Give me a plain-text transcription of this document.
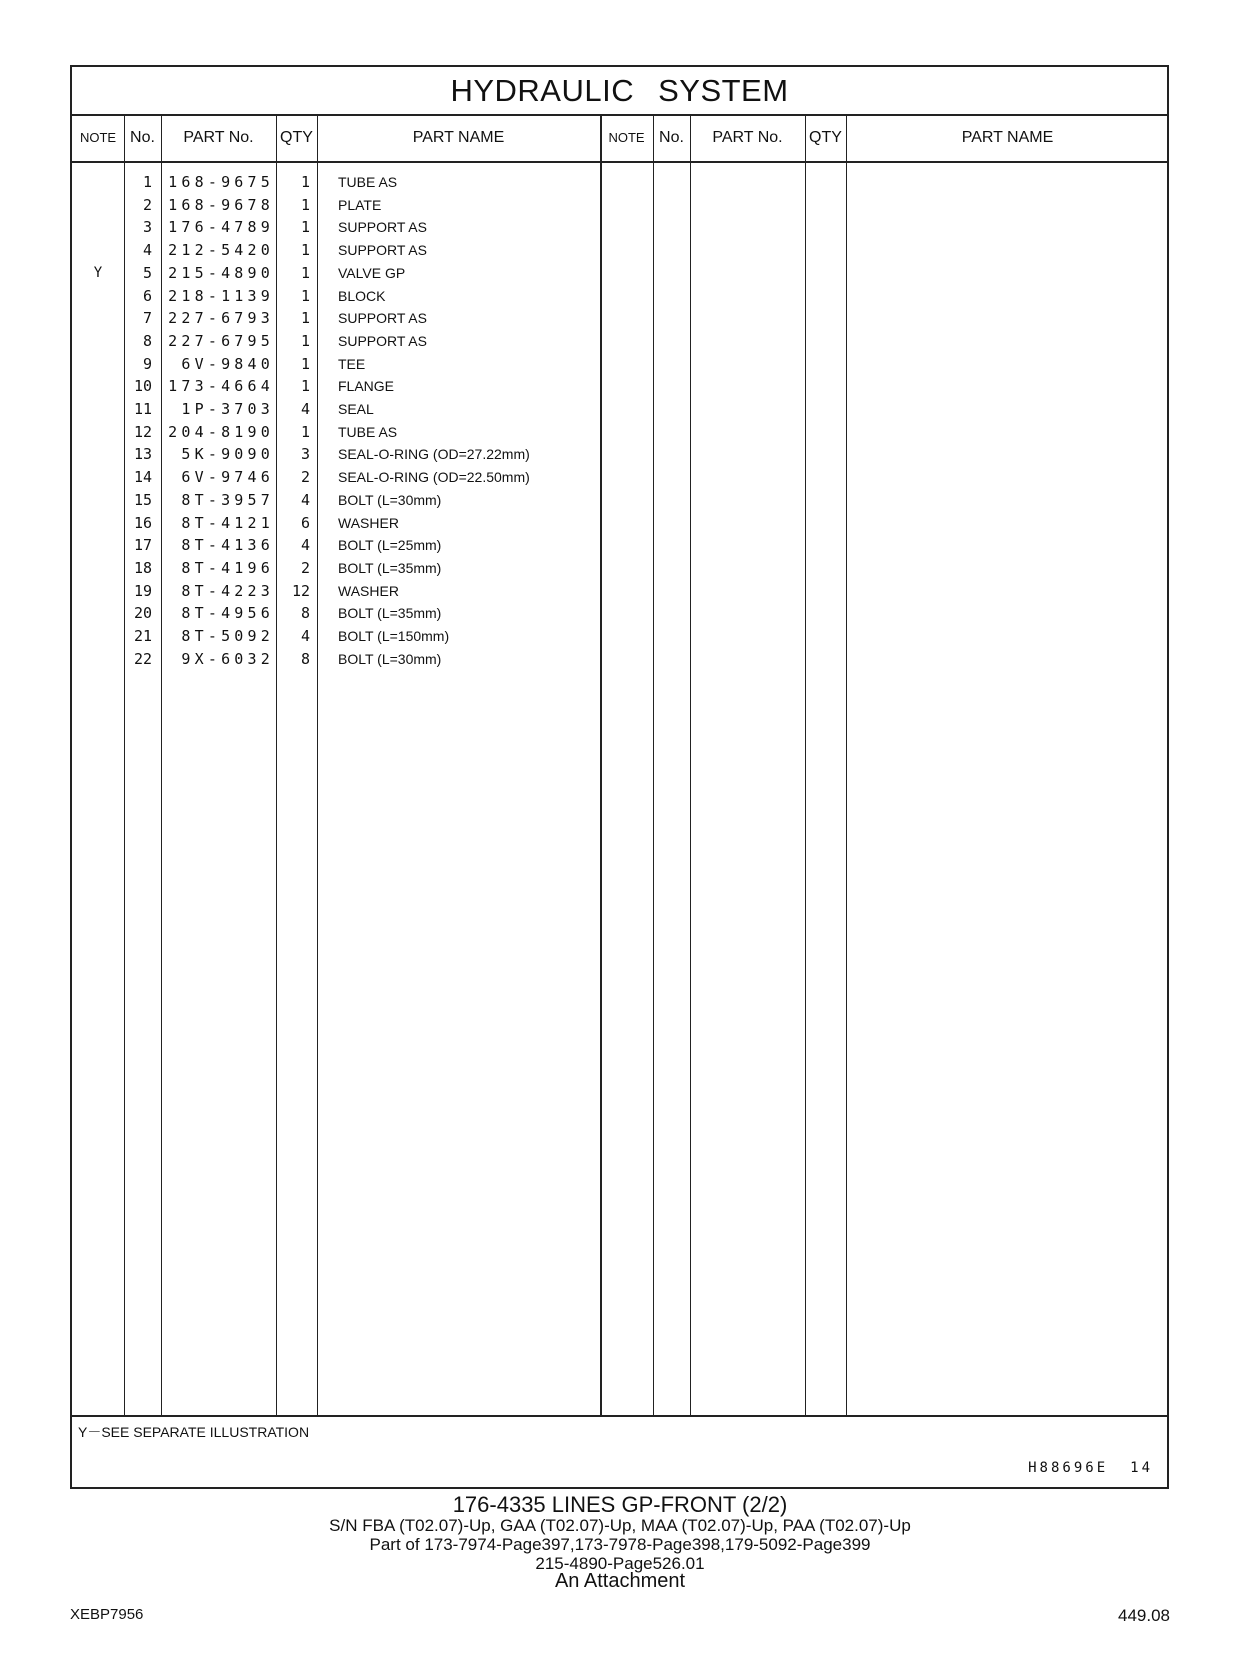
HYDRAULIC SYSTEM
NOTE No.	PART No.	QTY	PART NAME	NOTE No.	PART No.	QTY	PART NAME
1 168-9675	1 TUBE AS
2 168-9678	1 PLATE
3 176-4789	1 SUPPORT AS
4 212-5420	1 SUPPORT AS
Y	5 215-4890	1 VALVE GP
6 218-1139	1 BLOCK
7 227-6793	1 SUPPORT AS
8 227-6795	1 SUPPORT AS
9	6V-9840	1 TEE
10 173-4664	1 FLANGE
11	1P-3703	4 SEAL
12 204-8190	1 TUBE AS
13	5K-9090	3 SEAL-O-RING (OD=27.22mm)
14	6V-9746	2 SEAL-O-RING (OD=22.50mm)
15	8T-3957	4 BOLT (L=30mm)
16	8T-4121	6 WASHER
17	8T-4136	4 BOLT (L=25mm)
18	8T-4196	2 BOLT (L=35mm)
19	8T-4223	12 WASHER
20	8T-4956	8 BOLT (L=35mm)
21	8T-5092	4 BOLT (L=150mm)
22	9X-6032	8 BOLT (L=30mm)
Y－SEE SEPARATE ILLUSTRATION
H88696E 14
176-4335 LINES GP-FRONT (2/2)
S/N FBA (T02.07)-Up, GAA (T02.07)-Up, MAA (T02.07)-Up, PAA (T02.07)-Up
Part of 173-7974-Page397,173-7978-Page398,179-5092-Page399
215-4890-Page526.01
An Attachment
XEBP7956	449.08
